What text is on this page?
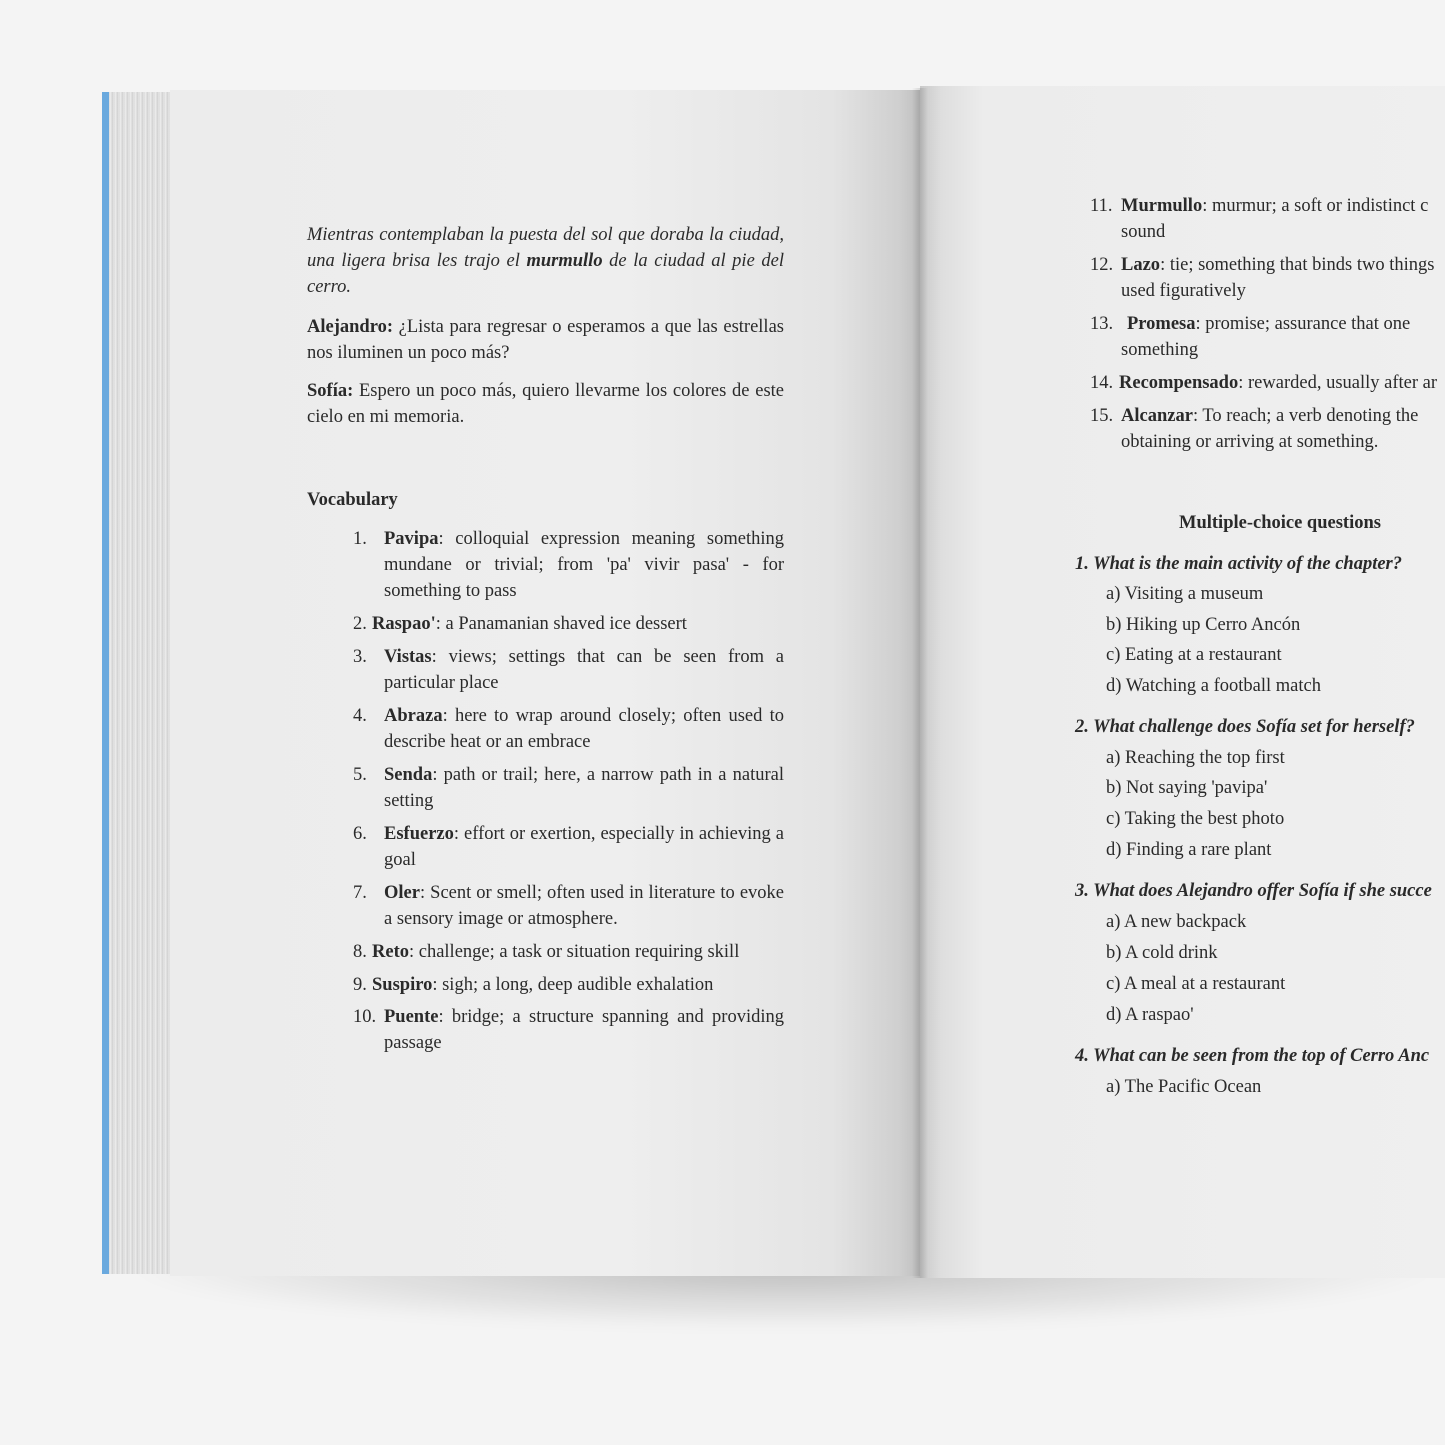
Mientras contemplaban la puesta del sol que doraba la ciudad, una ligera brisa les trajo el murmullo de la ciudad al pie del cerro.

Alejandro: ¿Lista para regresar o esperamos a que las estrellas nos iluminen un poco más?

Sofía: Espero un poco más, quiero llevarme los colores de este cielo en mi memoria.

Vocabulary
1. Pavipa: colloquial expression meaning something mundane or trivial; from 'pa' vivir pasa' - for something to pass
2. Raspao': a Panamanian shaved ice dessert
3. Vistas: views; settings that can be seen from a particular place
4. Abraza: here to wrap around closely; often used to describe heat or an embrace
5. Senda: path or trail; here, a narrow path in a natural setting
6. Esfuerzo: effort or exertion, especially in achieving a goal
7. Oler: Scent or smell; often used in literature to evoke a sensory image or atmosphere.
8. Reto: challenge; a task or situation requiring skill
9. Suspiro: sigh; a long, deep audible exhalation
10. Puente: bridge; a structure spanning and providing passage
11. Murmullo: murmur; a soft or indistinct c
sound
12. Lazo: tie; something that binds two things
used figuratively
13. Promesa: promise; assurance that one
something
14. Recompensado: rewarded, usually after ar
15. Alcanzar: To reach; a verb denoting the
obtaining or arriving at something.
Multiple-choice questions
1. What is the main activity of the chapter?
a) Visiting a museum
b) Hiking up Cerro Ancón
c) Eating at a restaurant
d) Watching a football match
2. What challenge does Sofía set for herself?
a) Reaching the top first
b) Not saying 'pavipa'
c) Taking the best photo
d) Finding a rare plant
3. What does Alejandro offer Sofía if she succe
a) A new backpack
b) A cold drink
c) A meal at a restaurant
d) A raspao'
4. What can be seen from the top of Cerro Anc
a) The Pacific Ocean
